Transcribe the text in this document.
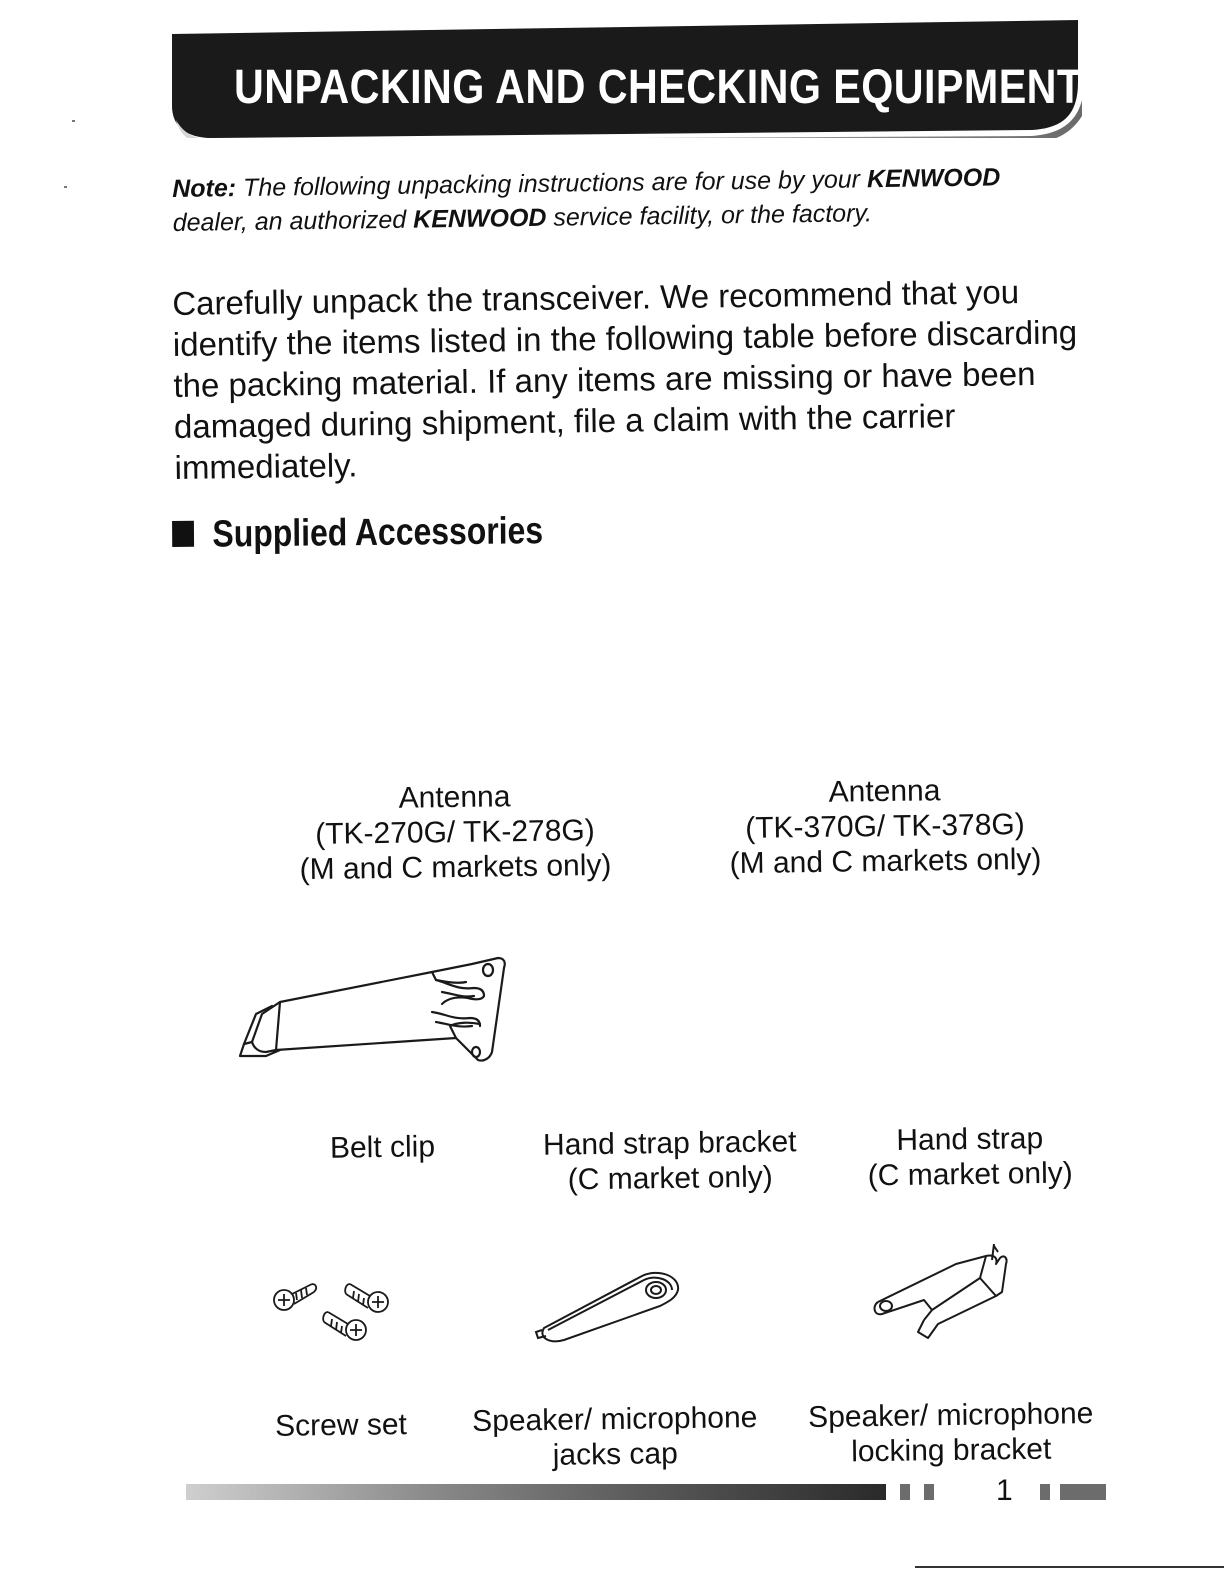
UNPACKING AND CHECKING EQUIPMENT
Note: The following unpacking instructions are for use by your KENWOOD dealer, an authorized KENWOOD service facility, or the factory.
Carefully unpack the transceiver. We recommend that you identify the items listed in the following table before discarding the packing material. If any items are missing or have been damaged during shipment, file a claim with the carrier immediately.
Supplied Accessories
Antenna
(TK-270G/ TK-278G)
(M and C markets only)
Antenna
(TK-370G/ TK-378G)
(M and C markets only)
Belt clip	Hand strap bracket
(C market only)
Hand strap
(C market only)
Screw set	Speaker/ microphone
jacks cap
Speaker/ microphone
locking bracket
1
